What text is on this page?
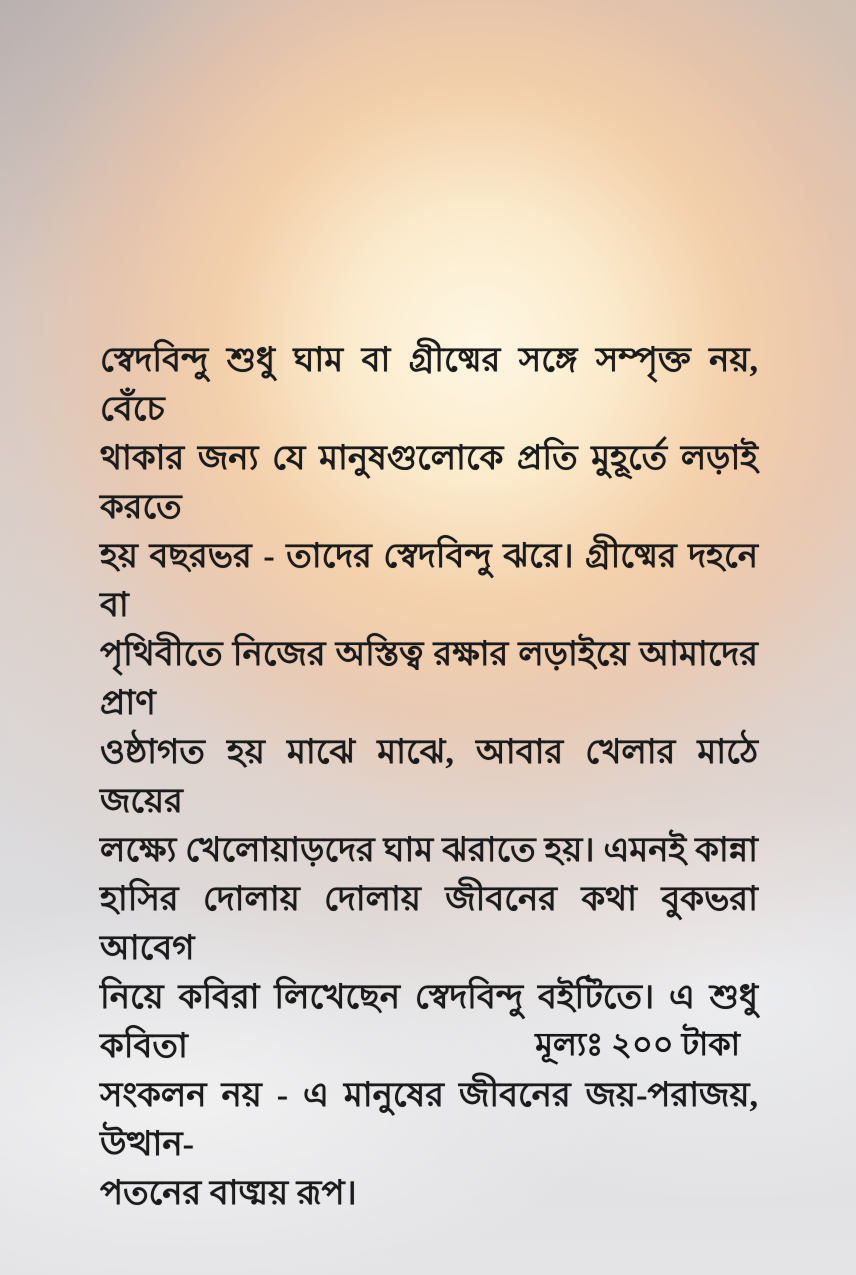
স্বেদবিন্দু শুধু ঘাম বা গ্রীষ্মের সঙ্গে সম্পৃক্ত নয়, বেঁচে
থাকার জন্য যে মানুষগুলোকে প্রতি মুহূর্তে লড়াই করতে
হয় বছরভর - তাদের স্বেদবিন্দু ঝরে। গ্রীষ্মের দহনে বা
পৃথিবীতে নিজের অস্তিত্ব রক্ষার লড়াইয়ে আমাদের প্রাণ
ওষ্ঠাগত হয় মাঝে মাঝে, আবার খেলার মাঠে জয়ের
লক্ষ্যে খেলোয়াড়দের ঘাম ঝরাতে হয়। এমনই কান্না
হাসির দোলায় দোলায় জীবনের কথা বুকভরা আবেগ
নিয়ে কবিরা লিখেছেন স্বেদবিন্দু বইটিতে। এ শুধু কবিতা
সংকলন নয় - এ মানুষের জীবনের জয়-পরাজয়, উত্থান-
পতনের বাঙ্ময় রূপ।
মূল্যঃ ২০০ টাকা
